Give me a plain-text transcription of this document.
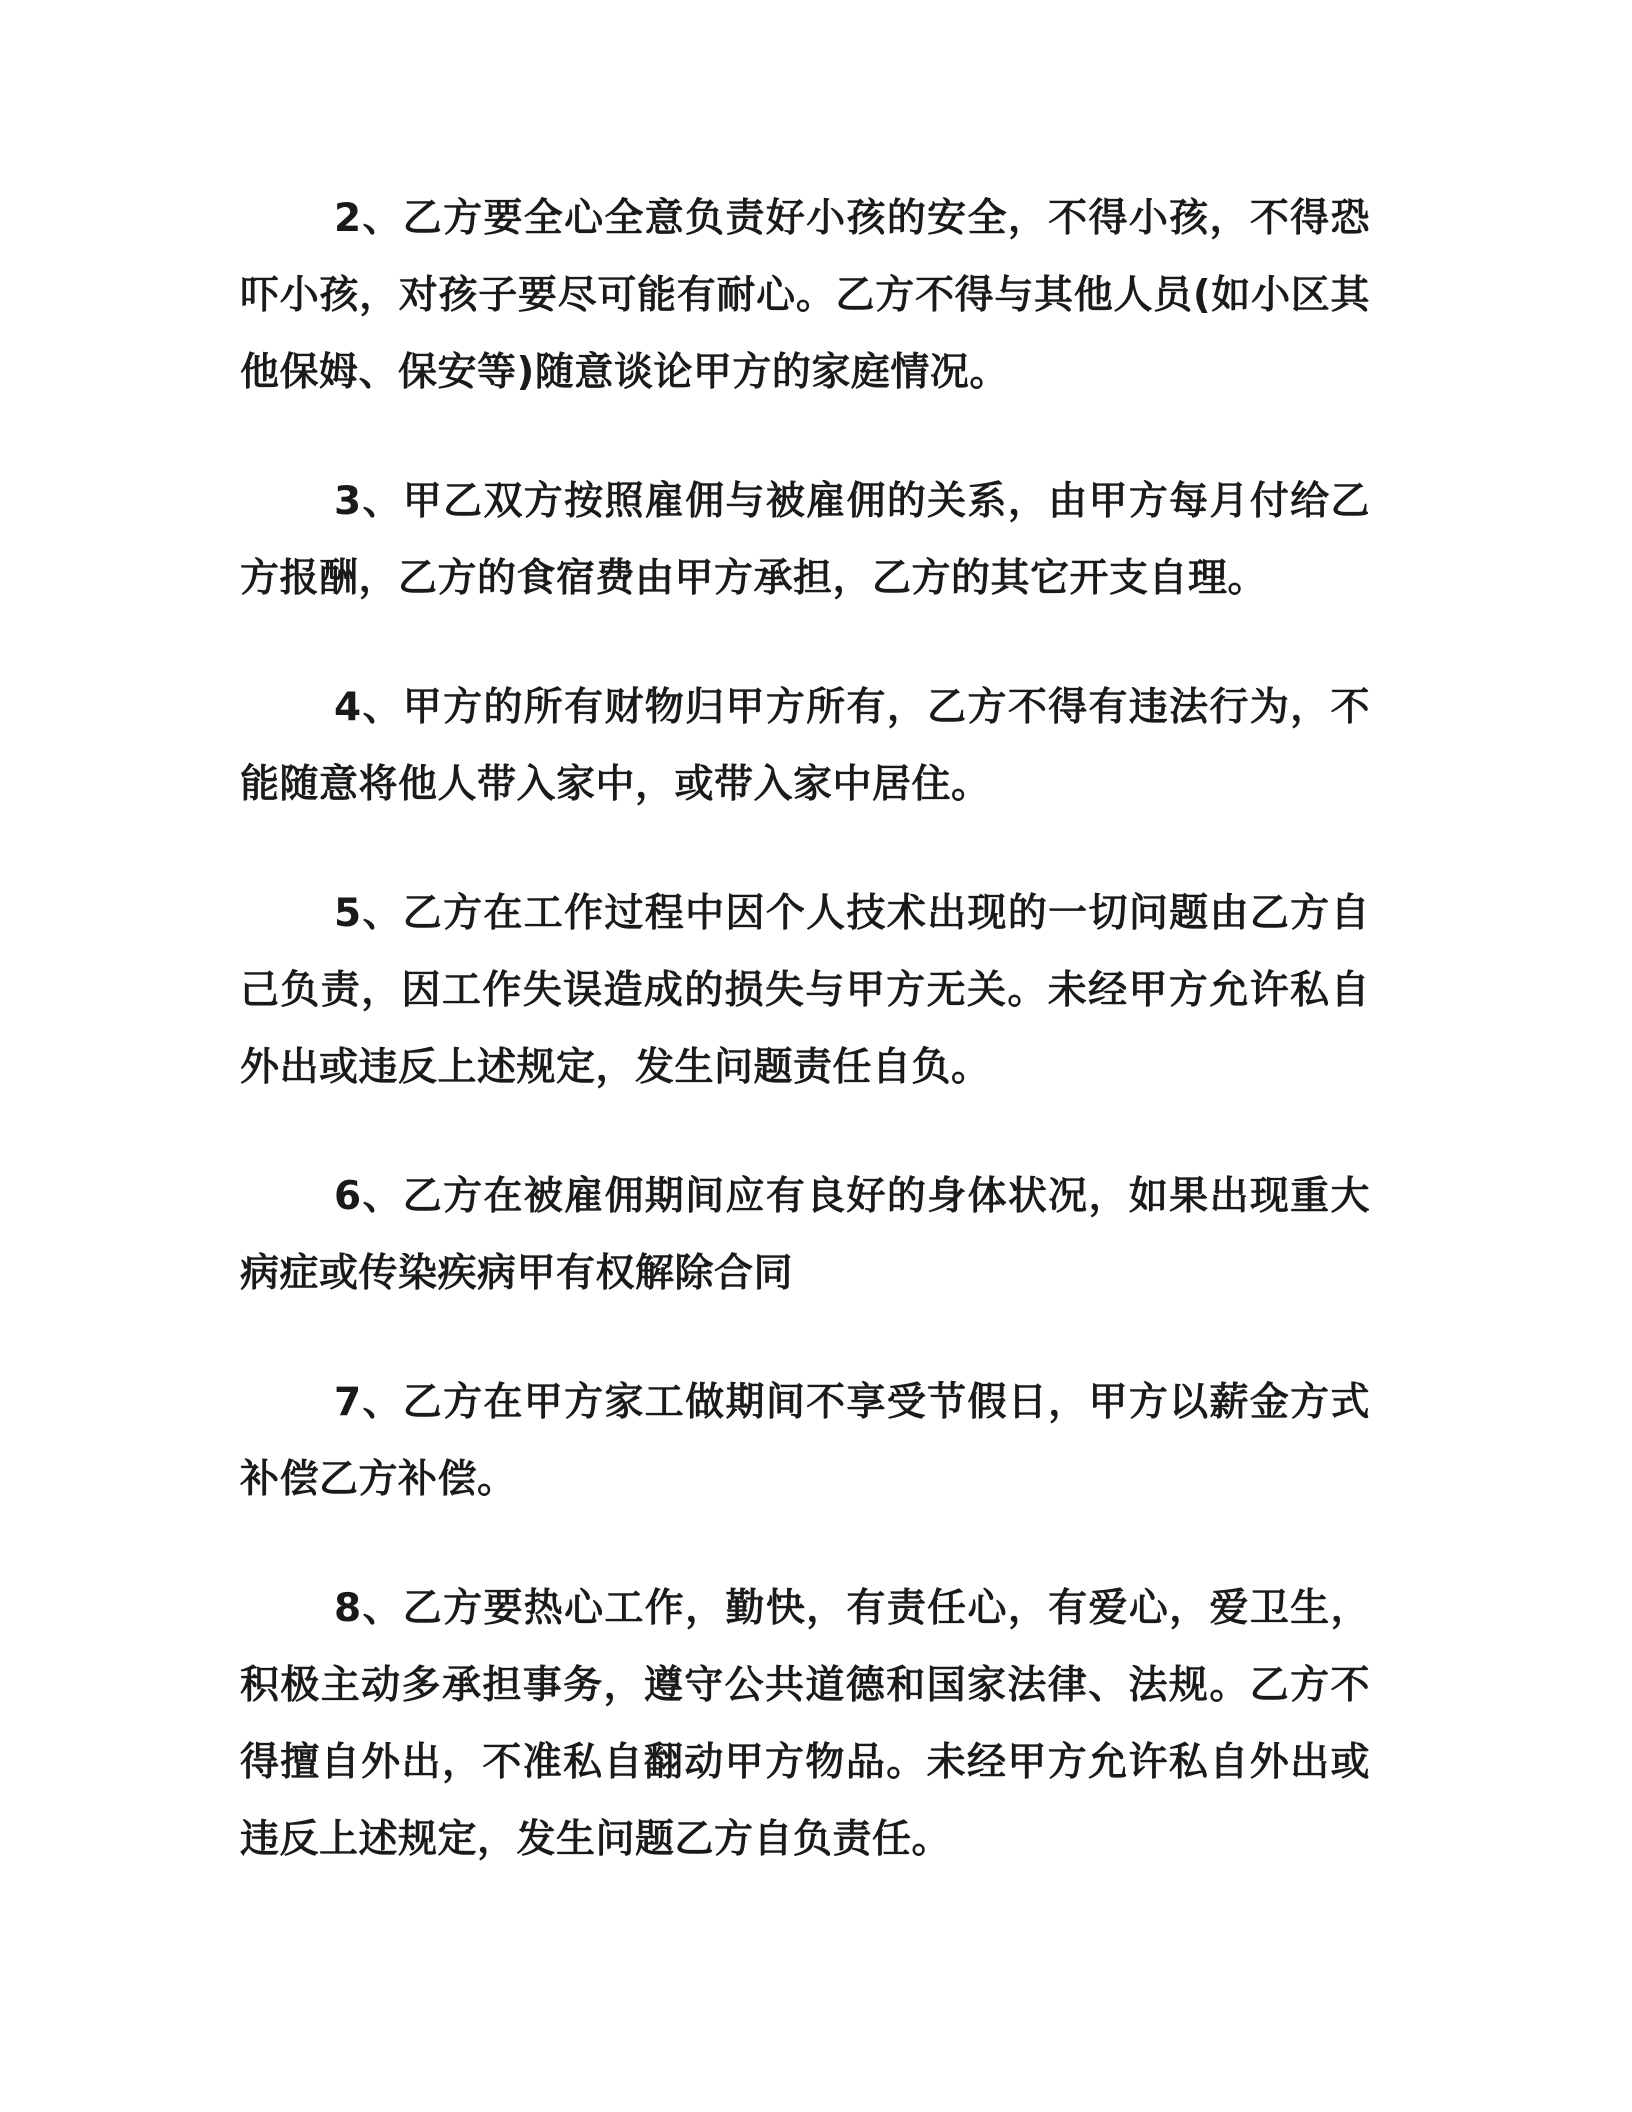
2、乙方要全心全意负责好小孩的安全，不得小孩，不得恐吓小孩，对孩子要尽可能有耐心。乙方不得与其他人员(如小区其他保姆、保安等)随意谈论甲方的家庭情况。

3、甲乙双方按照雇佣与被雇佣的关系，由甲方每月付给乙方报酬，乙方的食宿费由甲方承担，乙方的其它开支自理。

4、甲方的所有财物归甲方所有，乙方不得有违法行为，不能随意将他人带入家中，或带入家中居住。

5、乙方在工作过程中因个人技术出现的一切问题由乙方自己负责，因工作失误造成的损失与甲方无关。未经甲方允许私自外出或违反上述规定，发生问题责任自负。

6、乙方在被雇佣期间应有良好的身体状况，如果出现重大病症或传染疾病甲有权解除合同

7、乙方在甲方家工做期间不享受节假日，甲方以薪金方式补偿乙方补偿。

8、乙方要热心工作，勤快，有责任心，有爱心，爱卫生，积极主动多承担事务，遵守公共道德和国家法律、法规。乙方不得擅自外出，不准私自翻动甲方物品。未经甲方允许私自外出或违反上述规定，发生问题乙方自负责任。
